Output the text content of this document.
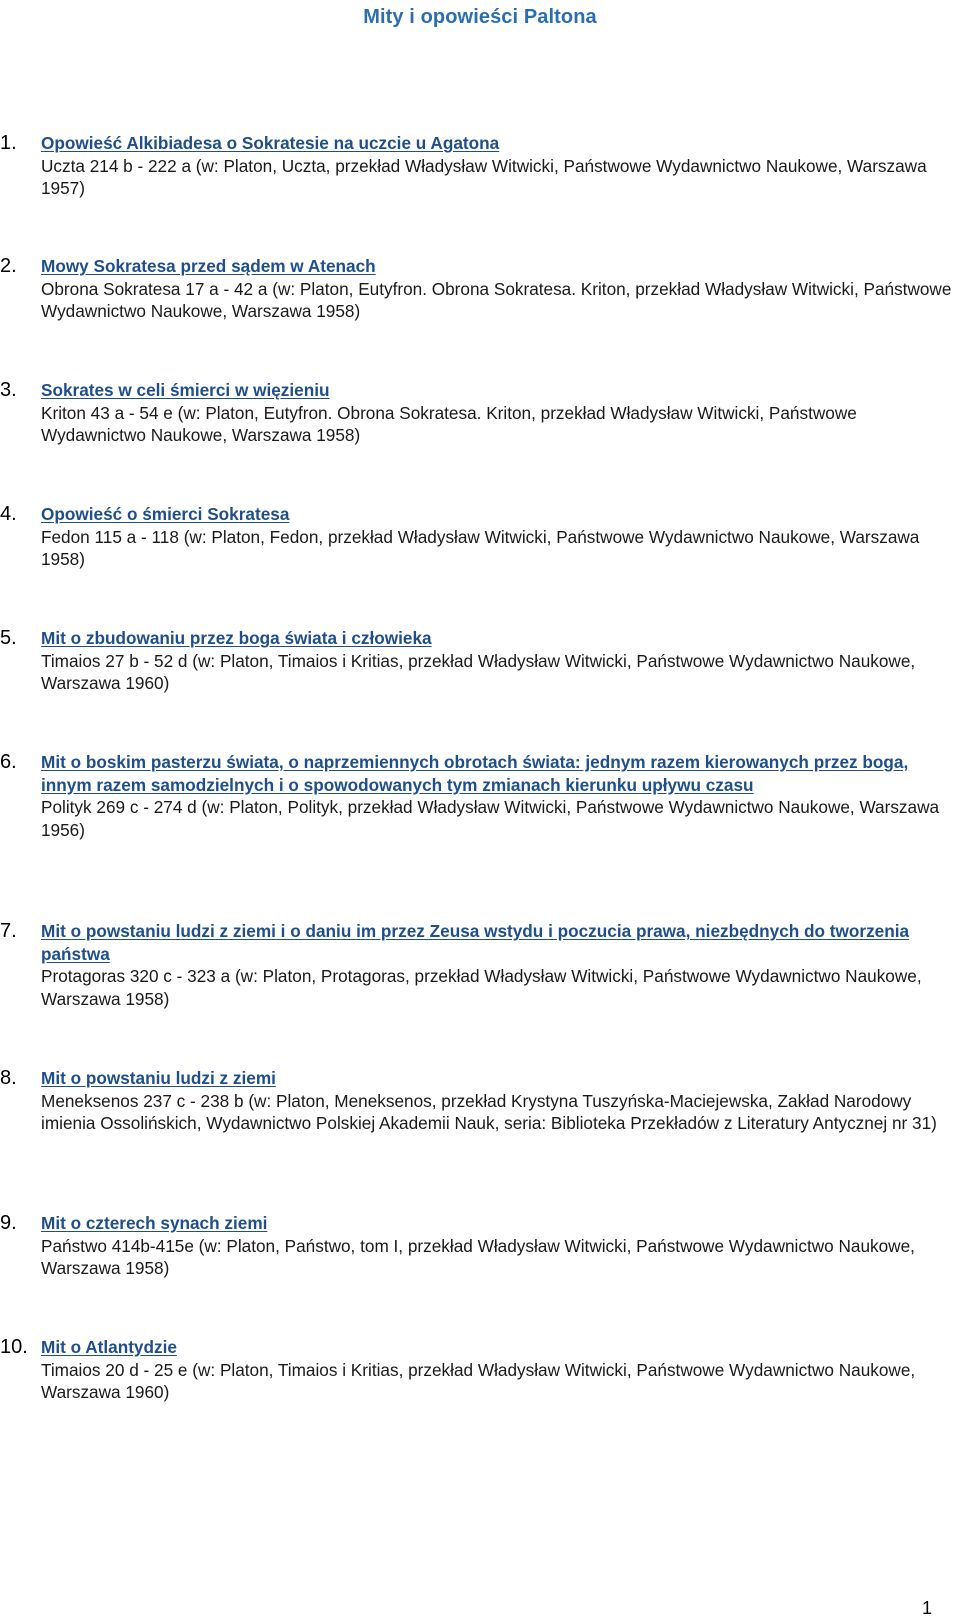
Mity i opowieści Paltona
1.	Opowieść Alkibiadesa o Sokratesie na uczcie u Agatona
Uczta 214 b - 222 a (w: Platon, Uczta, przekład Władysław Witwicki, Państwowe Wydawnictwo Naukowe, Warszawa 1957)
2.	Mowy Sokratesa przed sądem w Atenach
Obrona Sokratesa 17 a - 42 a (w: Platon, Eutyfron. Obrona Sokratesa. Kriton, przekład Władysław Witwicki, Państwowe Wydawnictwo Naukowe, Warszawa 1958)
3.	Sokrates w celi śmierci w więzieniu
Kriton 43 a - 54 e (w: Platon, Eutyfron. Obrona Sokratesa. Kriton, przekład Władysław Witwicki, Państwowe Wydawnictwo Naukowe, Warszawa 1958)
4.	Opowieść o śmierci Sokratesa
Fedon 115 a - 118 (w: Platon, Fedon, przekład Władysław Witwicki, Państwowe Wydawnictwo Naukowe, Warszawa 1958)
5.	Mit o zbudowaniu przez boga świata i człowieka
Timaios 27 b - 52 d (w: Platon, Timaios i Kritias, przekład Władysław Witwicki, Państwowe Wydawnictwo Naukowe, Warszawa 1960)
6.	Mit o boskim pasterzu świata, o naprzemiennych obrotach świata: jednym razem kierowanych przez boga, innym razem samodzielnych i o spowodowanych tym zmianach kierunku upływu czasu
Polityk 269 c - 274 d (w: Platon, Polityk, przekład Władysław Witwicki, Państwowe Wydawnictwo Naukowe, Warszawa 1956)
7.	Mit o powstaniu ludzi z ziemi i o daniu im przez Zeusa wstydu i poczucia prawa, niezbędnych do tworzenia państwa
Protagoras 320 c - 323 a (w: Platon, Protagoras, przekład Władysław Witwicki, Państwowe Wydawnictwo Naukowe, Warszawa 1958)
8.	Mit o powstaniu ludzi z ziemi
Meneksenos 237 c - 238 b (w: Platon, Meneksenos, przekład Krystyna Tuszyńska-Maciejewska, Zakład Narodowy imienia Ossolińskich, Wydawnictwo Polskiej Akademii Nauk, seria: Biblioteka Przekładów z Literatury Antycznej nr 31)
9.	Mit o czterech synach ziemi
Państwo 414b-415e (w: Platon, Państwo, tom I, przekład Władysław Witwicki, Państwowe Wydawnictwo Naukowe, Warszawa 1958)
10. Mit o Atlantydzie
Timaios 20 d - 25 e (w: Platon, Timaios i Kritias, przekład Władysław Witwicki, Państwowe Wydawnictwo Naukowe, Warszawa 1960)
1
